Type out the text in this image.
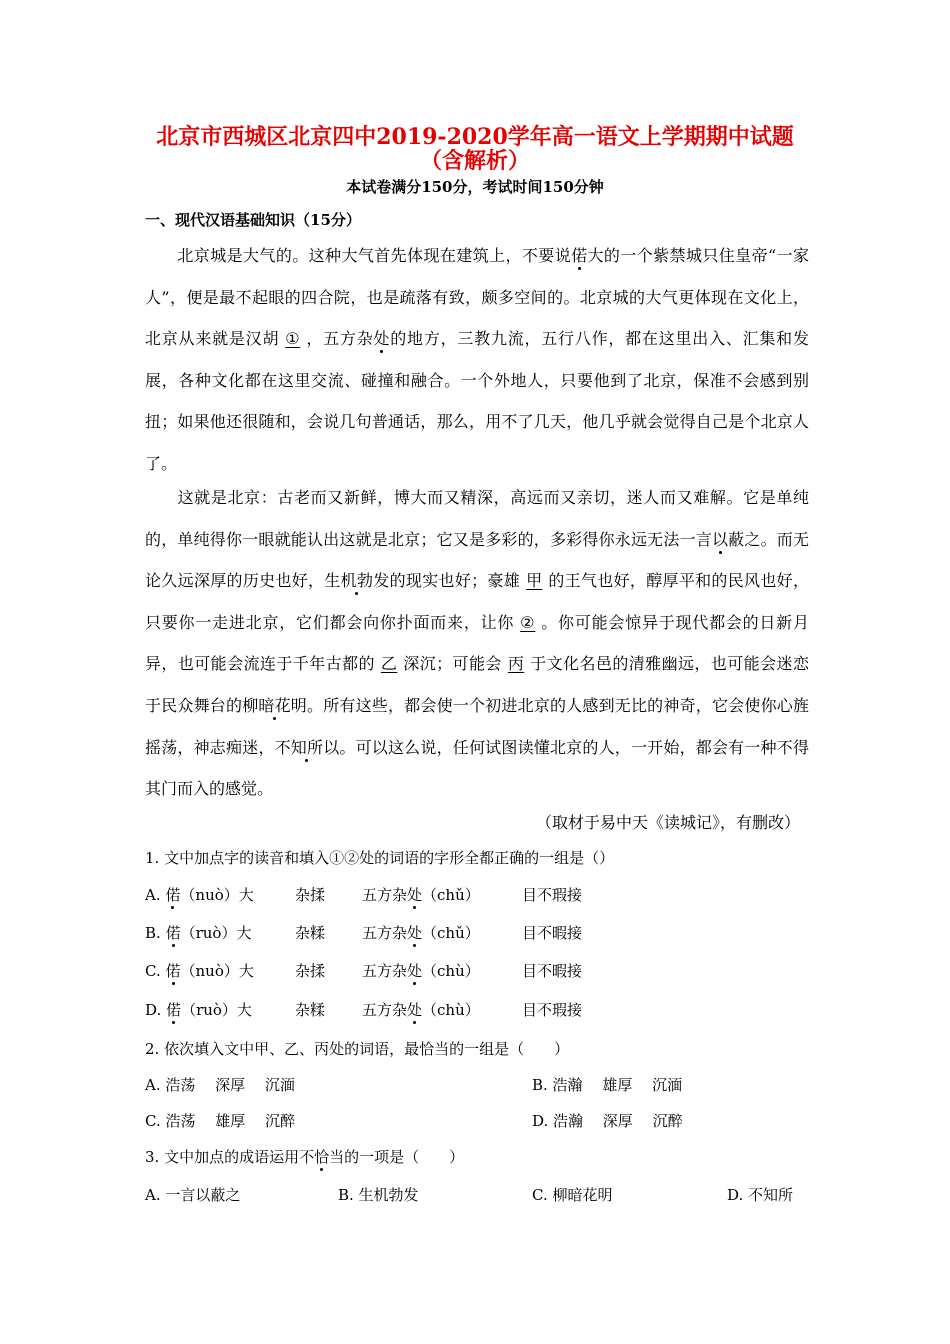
北京市西城区北京四中2019-2020学年高一语文上学期期中试题
（含解析）
本试卷满分150分，考试时间150分钟
一、现代汉语基础知识（15分）

北京城是大气的。这种大气首先体现在建筑上，不要说偌大的一个紫禁城只住皇帝“一家人”，便是最不起眼的四合院，也是疏落有致，颇多空间的。北京城的大气更体现在文化上，北京从来就是汉胡 ① ，五方杂处的地方，三教九流，五行八作，都在这里出入、汇集和发展，各种文化都在这里交流、碰撞和融合。一个外地人，只要他到了北京，保准不会感到别扭；如果他还很随和，会说几句普通话，那么，用不了几天，他几乎就会觉得自己是个北京人了。

这就是北京：古老而又新鲜，博大而又精深，高远而又亲切，迷人而又难解。它是单纯的，单纯得你一眼就能认出这就是北京；它又是多彩的，多彩得你永远无法一言以蔽之。而无论久远深厚的历史也好，生机勃发的现实也好；豪雄 甲 的王气也好，醇厚平和的民风也好，只要你一走进北京，它们都会向你扑面而来，让你 ② 。你可能会惊异于现代都会的日新月异，也可能会流连于千年古都的 乙 深沉；可能会 丙 于文化名邑的清雅幽远，也可能会迷恋于民众舞台的柳暗花明。所有这些，都会使一个初进北京的人感到无比的神奇，它会使你心旌摇荡，神志痴迷，不知所以。可以这么说，任何试图读懂北京的人，一开始，都会有一种不得其门而入的感觉。

（取材于易中天《读城记》，有删改）
1. 文中加点字的读音和填入①②处的词语的字形全都正确的一组是（）
A. 偌（nuò）大	杂揉 五方杂处（chǔ）	目不瑕接
B. 偌（ruò）大	杂糅 五方杂处（chǔ）	目不暇接
C. 偌（nuò）大	杂揉 五方杂处（chù）	目不暇接
D. 偌（ruò）大	杂糅 五方杂处（chù）	目不瑕接
2. 依次填入文中甲、乙、丙处的词语，最恰当的一组是（　　）
A. 浩荡　 深厚　 沉湎	B. 浩瀚　 雄厚　 沉湎
C. 浩荡　 雄厚　 沉醉	D. 浩瀚　 深厚　 沉醉
3. 文中加点的成语运用不恰当的一项是（　　）
A. 一言以蔽之	B. 生机勃发	C. 柳暗花明	D. 不知所
